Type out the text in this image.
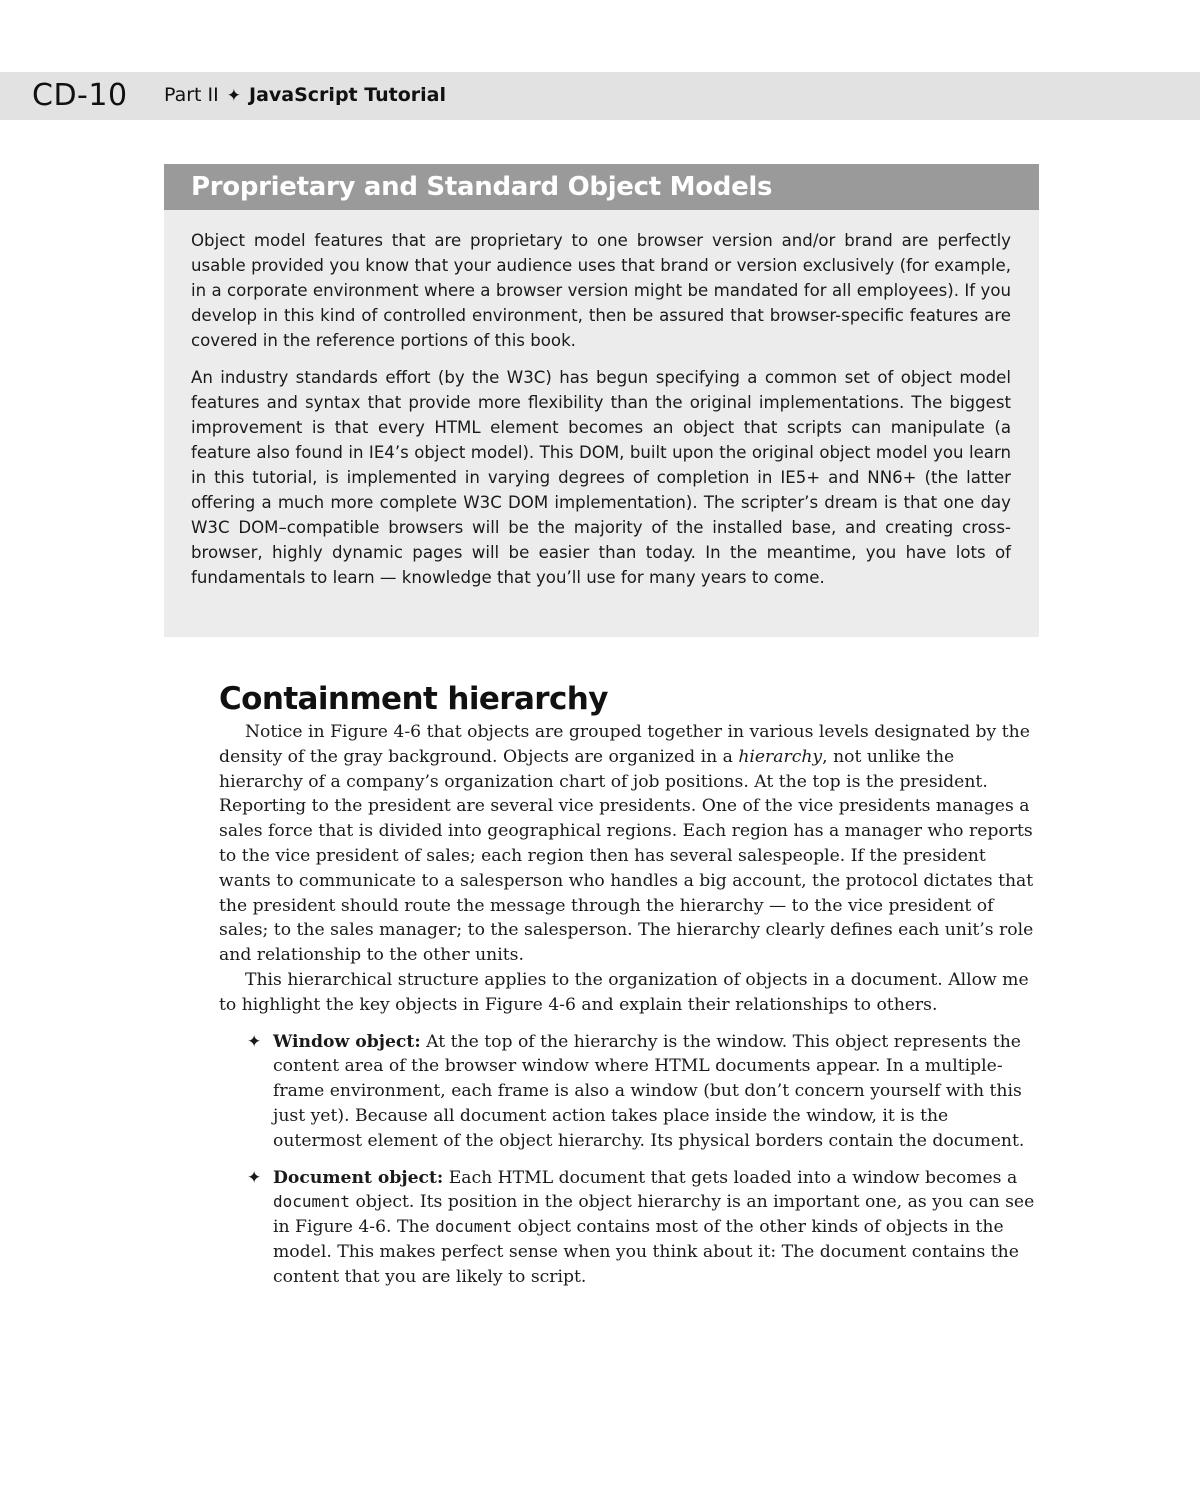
CD-10 Part II ✦ JavaScript Tutorial
Proprietary and Standard Object Models

Object model features that are proprietary to one browser version and/or brand are perfectly usable provided you know that your audience uses that brand or version exclusively (for example, in a corporate environment where a browser version might be mandated for all employees). If you develop in this kind of controlled environment, then be assured that browser-specific features are covered in the reference portions of this book.

An industry standards effort (by the W3C) has begun specifying a common set of object model features and syntax that provide more flexibility than the original implementations. The biggest improvement is that every HTML element becomes an object that scripts can manipulate (a feature also found in IE4’s object model). This DOM, built upon the original object model you learn in this tutorial, is implemented in varying degrees of completion in IE5+ and NN6+ (the latter offering a much more complete W3C DOM implementation). The scripter’s dream is that one day W3C DOM–compatible browsers will be the majority of the installed base, and creating cross-browser, highly dynamic pages will be easier than today. In the meantime, you have lots of fundamentals to learn — knowledge that you’ll use for many years to come.

Containment hierarchy

Notice in Figure 4-6 that objects are grouped together in various levels designated by the density of the gray background. Objects are organized in a hierarchy, not unlike the hierarchy of a company’s organization chart of job positions. At the top is the president. Reporting to the president are several vice presidents. One of the vice presidents manages a sales force that is divided into geographical regions. Each region has a manager who reports to the vice president of sales; each region then has several salespeople. If the president wants to communicate to a salesperson who handles a big account, the protocol dictates that the president should route the message through the hierarchy — to the vice president of sales; to the sales manager; to the salesperson. The hierarchy clearly defines each unit’s role and relationship to the other units.

This hierarchical structure applies to the organization of objects in a document. Allow me to highlight the key objects in Figure 4-6 and explain their relationships to others.

✦ Window object: At the top of the hierarchy is the window. This object represents the content area of the browser window where HTML documents appear. In a multiple-frame environment, each frame is also a window (but don’t concern yourself with this just yet). Because all document action takes place inside the window, it is the outermost element of the object hierarchy. Its physical borders contain the document.
✦ Document object: Each HTML document that gets loaded into a window becomes a document object. Its position in the object hierarchy is an important one, as you can see in Figure 4-6. The document object contains most of the other kinds of objects in the model. This makes perfect sense when you think about it: The document contains the content that you are likely to script.
